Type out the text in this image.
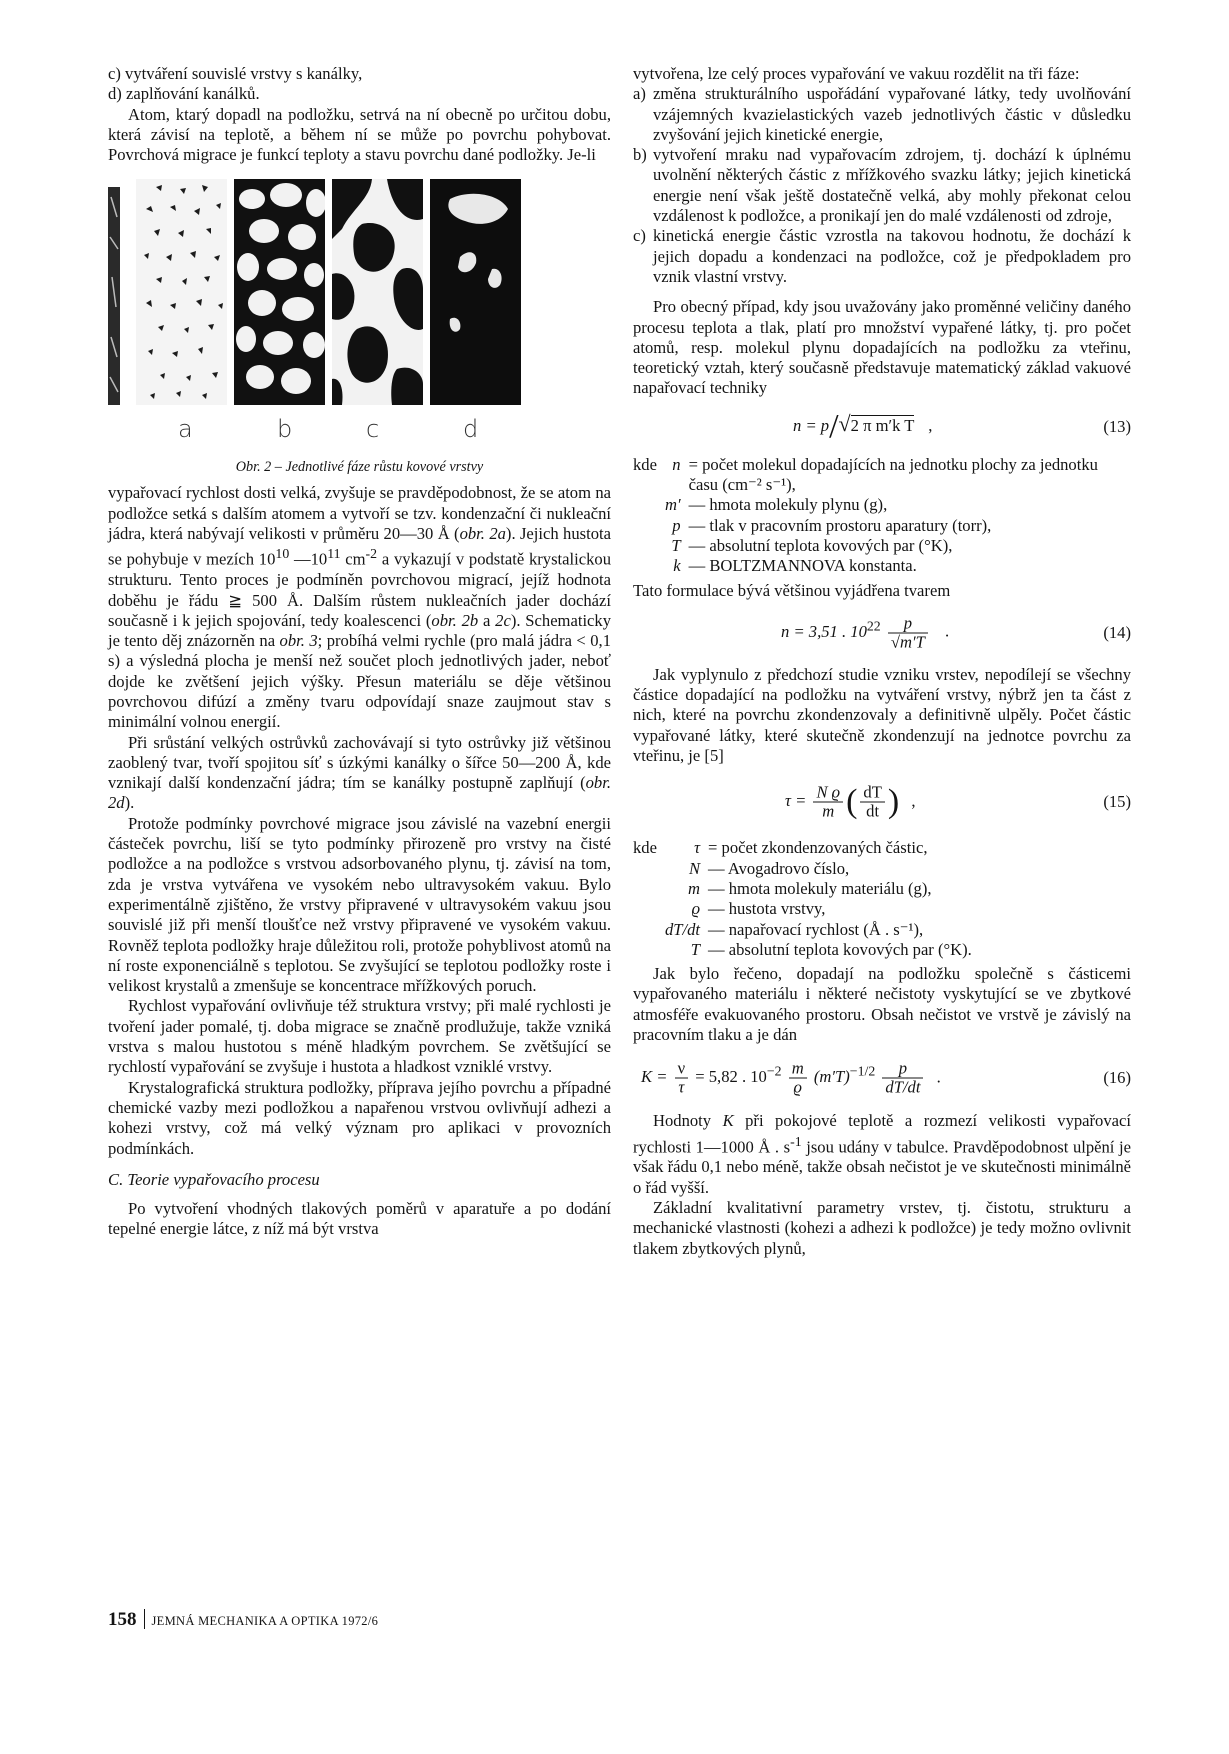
c) vytváření souvislé vrstvy s kanálky,

d) zaplňování kanálků.

Atom, ktarý dopadl na podložku, setrvá na ní obecně po určitou dobu, která závisí na teplotě, a během ní se může po povrchu pohybovat. Povrchová migrace je funkcí teploty a stavu povrchu dané podložky. Je-li

a	b	c	d
Obr. 2 – Jednotlivé fáze růstu kovové vrstvy

vypařovací rychlost dosti velká, zvyšuje se pravděpodobnost, že se atom na podložce setká s dalším atomem a vytvoří se tzv. kondenzační či nukleační jádra, která nabývají velikosti v průměru 20—30 Å (obr. 2a). Jejich hustota se pohybuje v mezích $10^{10}$ $—10^{11}$ $cm^{-2}$ a vykazují v podstatě krystalickou strukturu. Tento proces je podmíněn povrchovou migrací, jejíž hodnota doběhu je řádu ≧ 500 Å. Dalším růstem nukleačních jader dochází současně i k jejich spojování, tedy koalescenci (obr. 2b a 2c). Schematicky je tento děj znázorněn na obr. 3; probíhá velmi rychle (pro malá jádra < 0,1 s) a výsledná plocha je menší než součet ploch jednotlivých jader, neboť dojde ke zvětšení jejich výšky. Přesun materiálu se děje většinou povrchovou difúzí a změny tvaru odpovídají snaze zaujmout stav s minimální volnou energií.

Při srůstání velkých ostrůvků zachovávají si tyto ostrůvky již většinou zaoblený tvar, tvoří spojitou síť s úzkými kanálky o šířce 50—200 Å, kde vznikají další kondenzační jádra; tím se kanálky postupně zaplňují (obr. 2d).

Protože podmínky povrchové migrace jsou závislé na vazební energii částeček povrchu, liší se tyto podmínky přirozeně pro vrstvy na čisté podložce a na podložce s vrstvou adsorbovaného plynu, tj. závisí na tom, zda je vrstva vytvářena ve vysokém nebo ultravysokém vakuu. Bylo experimentálně zjištěno, že vrstvy připravené v ultravysokém vakuu jsou souvislé již při menší tloušťce než vrstvy připravené ve vysokém vakuu. Rovněž teplota podložky hraje důležitou roli, protože pohyblivost atomů na ní roste exponenciálně s teplotou. Se zvyšující se teplotou podložky roste i velikost krystalů a zmenšuje se koncentrace mřížkových poruch.

Rychlost vypařování ovlivňuje též struktura vrstvy; při malé rychlosti je tvoření jader pomalé, tj. doba migrace se značně prodlužuje, takže vzniká vrstva s malou hustotou s méně hladkým povrchem. Se zvětšující se rychlostí vypařování se zvyšuje i hustota a hladkost vzniklé vrstvy.

Krystalografická struktura podložky, příprava jejího povrchu a případné chemické vazby mezi podložkou a napařenou vrstvou ovlivňují adhezi a kohezi vrstvy, což má velký význam pro aplikaci v provozních podmínkách.

C. Teorie vypařovacího procesu

Po vytvoření vhodných tlakových poměrů v aparatuře a po dodání tepelné energie látce, z níž má být vrstva

vytvořena, lze celý proces vypařování ve vakuu rozdělit na tři fáze:

a) změna strukturálního uspořádání vypařované látky, tedy uvolňování vzájemných kvazielastických vazeb jednotlivých částic v důsledku zvyšování jejich kinetické energie,
b) vytvoření mraku nad vypařovacím zdrojem, tj. dochází k úplnému uvolnění některých částic z mřížkového svazku látky; jejich kinetická energie není však ještě dostatečně velká, aby mohly překonat celou vzdálenost k podložce, a pronikají jen do malé vzdálenosti od zdroje,
c) kinetická energie částic vzrostla na takovou hodnotu, že dochází k jejich dopadu a kondenzaci na podložce, což je předpokladem pro vznik vlastní vrstvy.

Pro obecný případ, kdy jsou uvažovány jako proměnné veličiny daného procesu teplota a tlak, platí pro množství vypařené látky, tj. pro počet atomů, resp. molekul plynu dopadajících na podložku za vteřinu, teoretický vztah, který současně představuje matematický základ vakuové napařovací techniky

n = p/√2 π m′k T ,	(13)
kde n	= počet molekul dopadajících na jednotku plochy za jednotku času (cm⁻² s⁻¹),
m′	— hmota molekuly plynu (g),
p	— tlak v pracovním prostoru aparatury (torr),
T	— absolutní teplota kovových par (°K),
k	— BOLTZMANNOVA konstanta.

Tato formulace bývá většinou vyjádřena tvarem

n = 3,51 . $10^{22} \frac{p}{√m'T}$ .	(14)

Jak vyplynulo z předchozí studie vzniku vrstev, nepodílejí se všechny částice dopadající na podložku na vytváření vrstvy, nýbrž jen ta část z nich, které na povrchu zkondenzovaly a definitivně ulpěly. Počet částic vypařované látky, které skutečně zkondenzují na jednotce povrchu za vteřinu, je [5]

$\tau = \frac{\text{N ϱ}}{m}$ ( $\frac{dT}{dt}$ ) ,	(15)
kde τ	= počet zkondenzovaných částic,
N	— Avogadrovo číslo,
m	— hmota molekuly materiálu (g),
ϱ	— hustota vrstvy,
dT/dt	— napařovací rychlost (Å . s⁻¹),
T	— absolutní teplota kovových par (°K).

Jak bylo řečeno, dopadají na podložku společně s částicemi vypařovaného materiálu i některé nečistoty vyskytující se ve zbytkové atmosféře evakuovaného prostoru. Obsah nečistot ve vrstvě je závislý na pracovním tlaku a je dán

$K = \frac{\nu}{\tau} = 5,82$ . $10^{-2} \frac{m}{ϱ} (m'T)^{-1/2} \frac{p}{dT/dt}$ .	(16)

Hodnoty K při pokojové teplotě a rozmezí velikosti vypařovací rychlosti 1—1000 Å . $s^{-1}$ jsou udány v tabulce. Pravděpodobnost ulpění je však řádu 0,1 nebo méně, takže obsah nečistot je ve skutečnosti minimálně o řád vyšší.

Základní kvalitativní parametry vrstev, tj. čistotu, strukturu a mechanické vlastnosti (kohezi a adhezi k podložce) je tedy možno ovlivnit tlakem zbytkových plynů,

158 JEMNÁ MECHANIKA A OPTIKA 1972/6
